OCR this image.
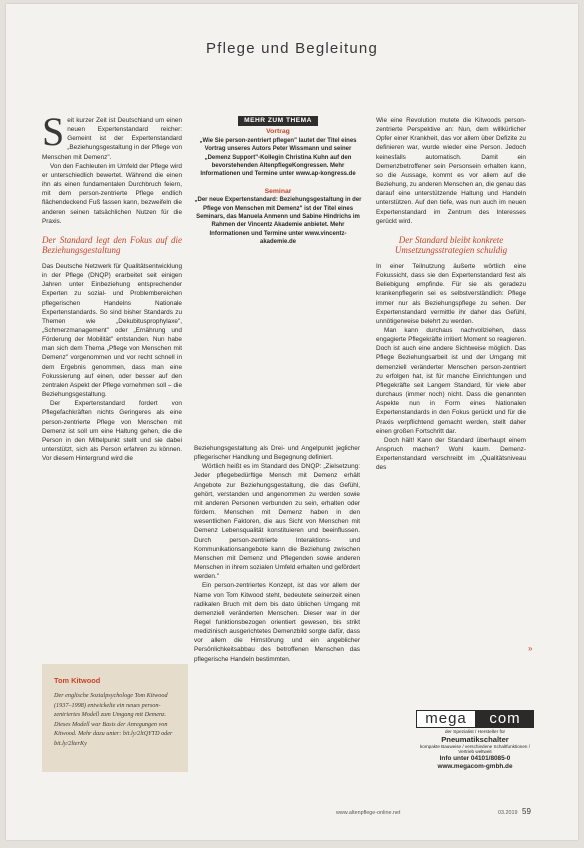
Pflege und Begleitung

Seit kurzer Zeit ist Deutschland um einen neuen Expertenstandard reicher: Gemeint ist der Expertenstandard „Beziehungsgestaltung in der Pflege von Menschen mit Demenz".

Von den Fachleuten im Umfeld der Pflege wird er unterschiedlich bewertet. Während die einen ihn als einen fundamentalen Durchbruch feiern, mit dem person-zentrierte Pflege endlich flächendeckend Fuß fassen kann, bezweifeln die anderen seinen tatsächlichen Nutzen für die Praxis.

Der Standard legt den Fokus auf die Beziehungsgestaltung

Das Deutsche Netzwerk für Qualitätsentwicklung in der Pflege (DNQP) erarbeitet seit einigen Jahren unter Einbeziehung entsprechender Experten zu sozial- und Problembereichen pflegerischen Handelns Nationale Expertenstandards. So sind bisher Standards zu Themen wie „Dekubitusprophylaxe", „Schmerzmanagement" oder „Ernährung und Förderung der Mobilität" entstanden. Nun habe man sich dem Thema „Pflege von Menschen mit Demenz" vorgenommen und vor recht schnell in dem Ergebnis genommen, dass man eine Fokussierung auf einen, oder besser auf den zentralen Aspekt der Pflege vornehmen soll – die Beziehungsgestaltung.

Der Expertenstandard fordert von Pflegefachkräften nichts Geringeres als eine person-zentrierte Pflege von Menschen mit Demenz ist soll um eine Haltung gehen, die die Person in den Mittelpunkt stellt und sie dabei unterstützt, sich als Person erfahren zu können. Vor diesem Hintergrund wird die

Tom Kitwood
Der englische Sozialpsychologe Tom Kitwood (1937–1998) entwickelte ein neues person-zentriertes Modell zum Umgang mit Demenz. Dieses Modell war Basis der Anregungen von Kitwood. Mehr dazu unter: bit.ly/2ltQYTD oder bit.ly/2lterKy
MEHR ZUM THEMA
Vortrag
„Wie Sie person-zentriert pflegen" lautet der Titel eines Vortrag unseres Autors Peter Wissmann und seiner „Demenz Support"-Kollegin Christina Kuhn auf den bevorstehenden AltenpflegeKongressen. Mehr Informationen und Termine unter www.ap-kongress.de
Seminar
„Der neue Expertenstandard: Beziehungsgestaltung in der Pflege von Menschen mit Demenz" ist der Titel eines Seminars, das Manuela Anmenn und Sabine Hindrichs im Rahmen der Vincentz Akademie anbietet. Mehr Informationen und Termine unter www.vincentz-akademie.de

Beziehungsgestaltung als Drei- und Angelpunkt jeglicher pflegerischer Handlung und Begegnung definiert.

Wörtlich heißt es im Standard des DNQP: „Zielsetzung: Jeder pflegebedürftige Mensch mit Demenz erhält Angebote zur Beziehungsgestaltung, die das Gefühl, gehört, verstanden und angenommen zu werden sowie mit anderen Personen verbunden zu sein, erhalten oder fördern. Menschen mit Demenz haben in den wesentlichen Faktoren, die aus Sicht von Menschen mit Demenz Lebensqualität konstituieren und beeinflussen. Durch person-zentrierte Interaktions- und Kommunikationsangebote kann die Beziehung zwischen Menschen mit Demenz und Pflegenden sowie anderen Menschen in ihrem sozialen Umfeld erhalten und gefördert werden."

Ein person-zentriertes Konzept, ist das vor allem der Name von Tom Kitwood steht, bedeutete seinerzeit einen radikalen Bruch mit dem bis dato üblichen Umgang mit demenziell veränderten Menschen. Dieser war in der Regel funktionsbezogen orientiert gewesen, bis strikt medizinisch ausgerichtetes Demenzbild sorgte dafür, dass vor allem die Hirnstörung und ein angeblicher Persönlichkeitsabbau des betroffenen Menschen das pflegerische Handeln bestimmten.

Wie eine Revolution mutete die Kitwoods person-zentrierte Perspektive an: Nun, dem willkürlicher Opfer einer Krankheit, das vor allem über Defizite zu definieren war, wurde wieder eine Person. Jedoch keinesfalls automatisch. Damit ein Demenzbetroffener sein Personsein erhalten kann, so die Aussage, kommt es vor allem auf die Beziehung, zu anderen Menschen an, die genau das darauf eine unterstützende Haltung und Handeln unterstützen. Auf den tiefe, was nun auch im neuen Expertenstandard im Zentrum des Interesses gerückt wird.

Der Standard bleibt konkrete Umsetzungsstrategien schuldig

In einer Teilnutzung äußerte wörtlich eine Fokussicht, dass sie den Expertenstandard fest als Beliebigung empfinde. Für sie als geradezu krankenpflegerin sei es selbstverständlich: Pflege immer nur als Beziehungspflege zu sehen. Der Expertenstandard vermittle ihr daher das Gefühl, unnötigerweise belehrt zu werden.

Man kann durchaus nachvollziehen, dass engagierte Pflegekräfte irritiert Moment so reagieren. Doch ist auch eine andere Sichtweise möglich. Das Pflege Beziehungsarbeit ist und der Umgang mit demenziell veränderter Menschen person-zentriert zu erfolgen hat, ist für manche Einrichtungen und Pflegekräfte seit Langem Standard, für viele aber durchaus (immer noch) nicht. Dass die genannten Aspekte nun in Form eines Nationalen Expertenstandards in den Fokus gerückt und für die Praxis verpflichtend gemacht werden, stellt daher einen großen Fortschritt dar.

Doch hält! Kann der Standard überhaupt einem Anspruch machen? Wohl kaum. Demenz-Expertenstandard verschreibt im „Qualitätsniveau des

»
mega	com
der Spezialist / Hersteller für
Pneumatikschalter
kompakte Bauweise / verschiedene Schaltfunktionen / Vertrieb weltweit
Info unter 04101/8085-0
www.megacom-gmbh.de
www.altenpflege-online.net	03.2019 59
